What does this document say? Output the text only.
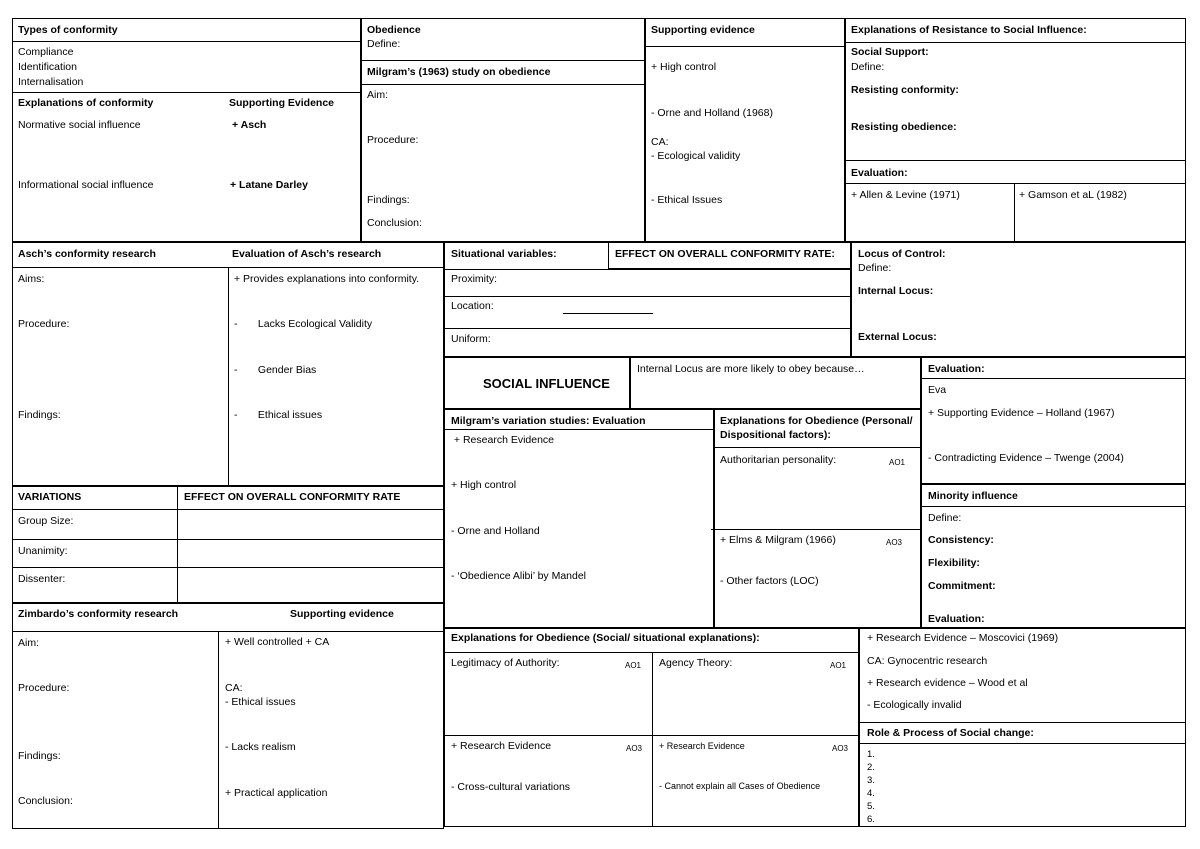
Types of conformity
Compliance
Identification
Internalisation
Explanations of conformity	Supporting Evidence
Normative social influence	+ Asch
Informational social influence	+ Latane Darley
Obedience
Define:
Milgram’s (1963) study on obedience
Aim:
Procedure:
Findings:
Conclusion:
Supporting evidence
+ High control
- Orne and Holland (1968)
CA:
- Ecological validity
- Ethical Issues
Explanations of Resistance to Social Influence:
Social Support:
Define:
Resisting conformity:
Resisting obedience:
Evaluation:
+ Allen & Levine (1971)	+ Gamson et aL (1982)
Asch’s conformity research	Evaluation of Asch’s research
Aims:
Procedure:
Findings:
+ Provides explanations into conformity.
-       Lacks Ecological Validity
-       Gender Bias
-       Ethical issues
Situational variables:	EFFECT ON OVERALL CONFORMITY RATE:
Proximity:
Location:
Uniform:
Locus of Control:
Define:
Internal Locus:
External Locus:
SOCIAL INFLUENCE
Internal Locus are more likely to obey because…	Evaluation:
Eva
+ Supporting Evidence – Holland (1967)
- Contradicting Evidence – Twenge (2004)
Milgram’s variation studies: Evaluation
+ Research Evidence
+ High control
- Orne and Holland
- ‘Obedience Alibi’ by Mandel
Explanations for Obedience (Personal/
Dispositional factors):
Authoritarian personality:	AO1
+ Elms & Milgram (1966)	AO3
- Other factors (LOC)
VARIATIONS	EFFECT ON OVERALL CONFORMITY RATE
Group Size:
Unanimity:
Dissenter:
Minority influence
Define:
Consistency:
Flexibility:
Commitment:
Evaluation:
Zimbardo’s conformity research	Supporting evidence
Aim:
Procedure:
Findings:
Conclusion:
+ Well controlled + CA
CA:
- Ethical issues
- Lacks realism
+ Practical application
Explanations for Obedience (Social/ situational explanations):
Legitimacy of Authority:	AO1 Agency Theory:	AO1
+ Research Evidence	AO3 + Research Evidence	AO3
- Cross-cultural variations	- Cannot explain all Cases of Obedience
+ Research Evidence – Moscovici (1969)
CA: Gynocentric research
+ Research evidence – Wood et al
- Ecologically invalid
Role & Process of Social change:
1.
2.
3.
4.
5.
6.
